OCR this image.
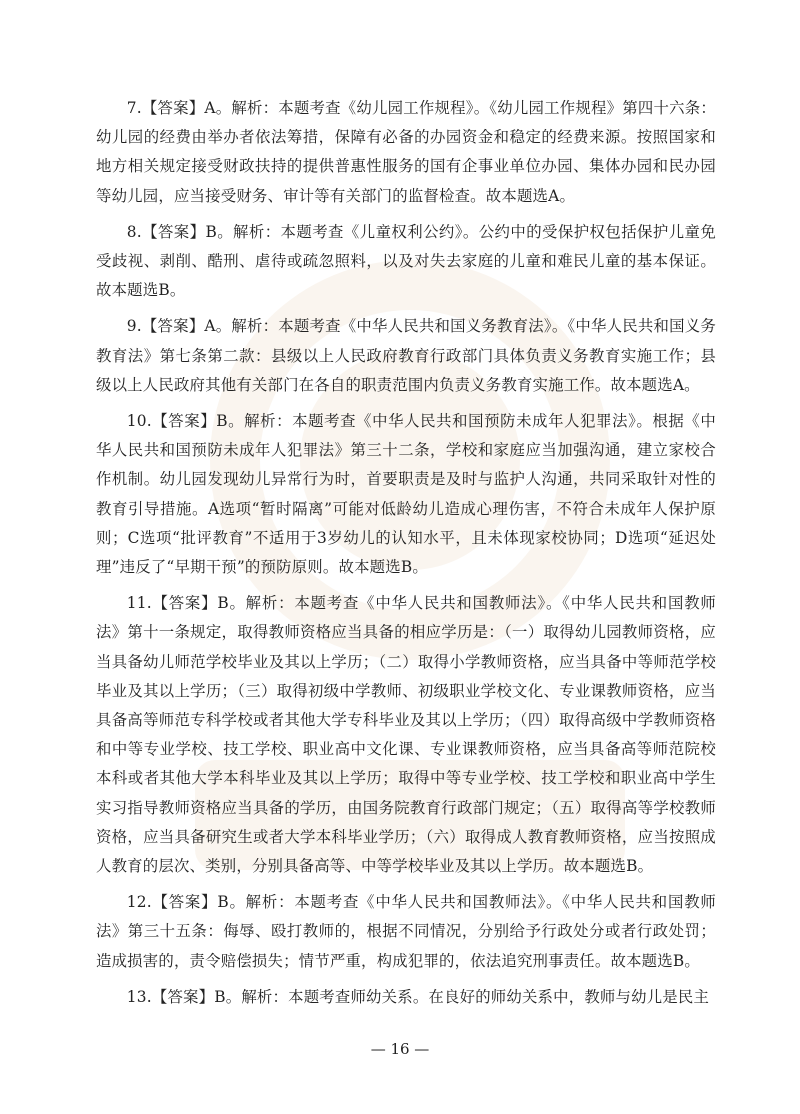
7.【答案】A。解析：本题考查《幼儿园工作规程》。《幼儿园工作规程》第四十六条：幼儿园的经费由举办者依法筹措，保障有必备的办园资金和稳定的经费来源。按照国家和地方相关规定接受财政扶持的提供普惠性服务的国有企事业单位办园、集体办园和民办园等幼儿园，应当接受财务、审计等有关部门的监督检查。故本题选A。

8.【答案】B。解析：本题考查《儿童权利公约》。公约中的受保护权包括保护儿童免受歧视、剥削、酷刑、虐待或疏忽照料，以及对失去家庭的儿童和难民儿童的基本保证。故本题选B。

9.【答案】A。解析：本题考查《中华人民共和国义务教育法》。《中华人民共和国义务教育法》第七条第二款：县级以上人民政府教育行政部门具体负责义务教育实施工作；县级以上人民政府其他有关部门在各自的职责范围内负责义务教育实施工作。故本题选A。

10.【答案】B。解析：本题考查《中华人民共和国预防未成年人犯罪法》。根据《中华人民共和国预防未成年人犯罪法》第三十二条，学校和家庭应当加强沟通，建立家校合作机制。幼儿园发现幼儿异常行为时，首要职责是及时与监护人沟通，共同采取针对性的教育引导措施。A选项“暂时隔离”可能对低龄幼儿造成心理伤害，不符合未成年人保护原则；C选项“批评教育”不适用于3岁幼儿的认知水平，且未体现家校协同；D选项“延迟处理”违反了“早期干预”的预防原则。故本题选B。

11.【答案】B。解析：本题考查《中华人民共和国教师法》。《中华人民共和国教师法》第十一条规定，取得教师资格应当具备的相应学历是：（一）取得幼儿园教师资格，应当具备幼儿师范学校毕业及其以上学历；（二）取得小学教师资格，应当具备中等师范学校毕业及其以上学历；（三）取得初级中学教师、初级职业学校文化、专业课教师资格，应当具备高等师范专科学校或者其他大学专科毕业及其以上学历；（四）取得高级中学教师资格和中等专业学校、技工学校、职业高中文化课、专业课教师资格，应当具备高等师范院校本科或者其他大学本科毕业及其以上学历；取得中等专业学校、技工学校和职业高中学生实习指导教师资格应当具备的学历，由国务院教育行政部门规定；（五）取得高等学校教师资格，应当具备研究生或者大学本科毕业学历；（六）取得成人教育教师资格，应当按照成人教育的层次、类别，分别具备高等、中等学校毕业及其以上学历。故本题选B。

12.【答案】B。解析：本题考查《中华人民共和国教师法》。《中华人民共和国教师法》第三十五条：侮辱、殴打教师的，根据不同情况，分别给予行政处分或者行政处罚；造成损害的，责令赔偿损失；情节严重，构成犯罪的，依法追究刑事责任。故本题选B。

13.【答案】B。解析：本题考查师幼关系。在良好的师幼关系中，教师与幼儿是民主

— 16 —
